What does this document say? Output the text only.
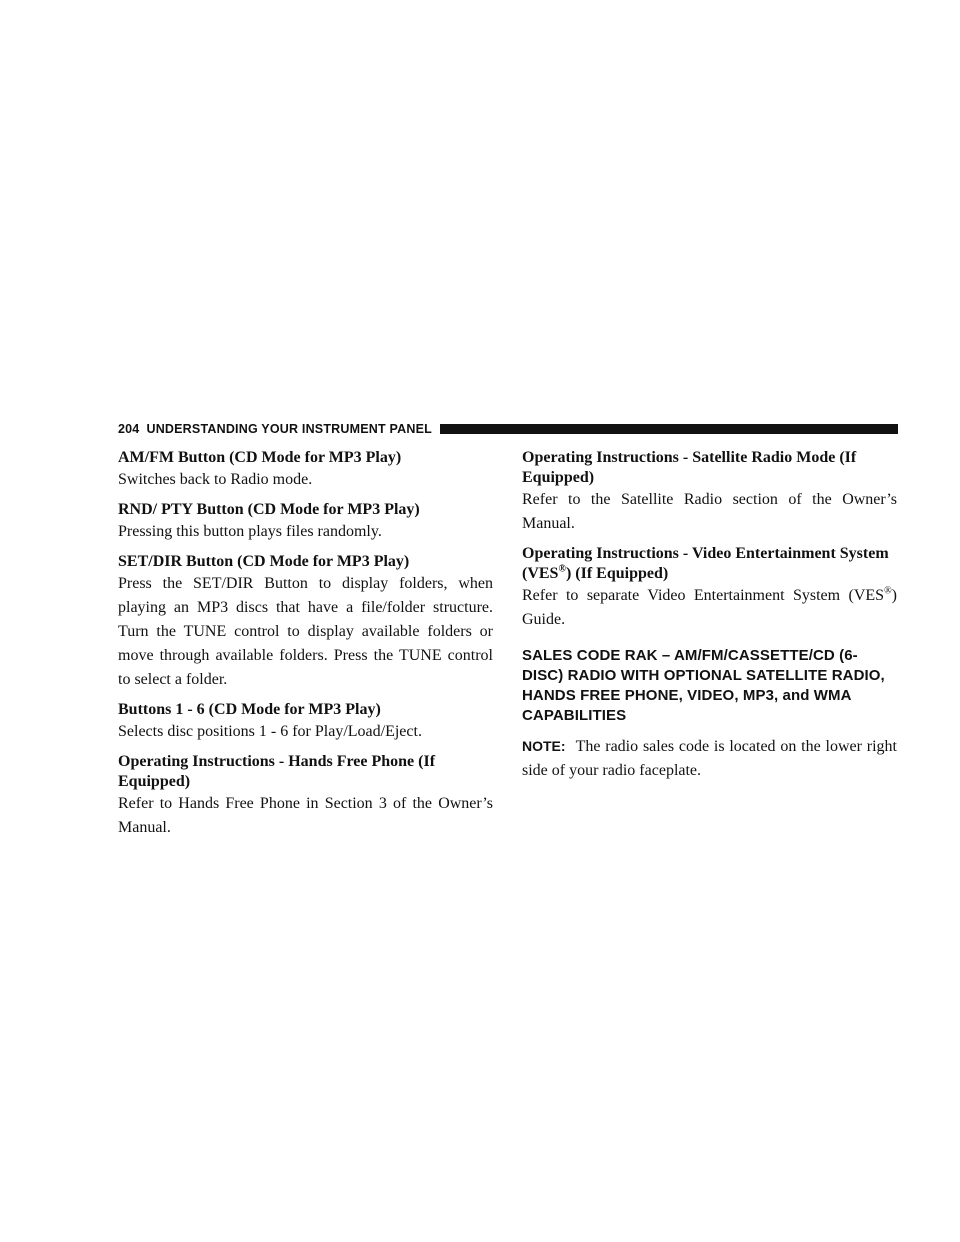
204 UNDERSTANDING YOUR INSTRUMENT PANEL
AM/FM Button (CD Mode for MP3 Play)

Switches back to Radio mode.

RND/ PTY Button (CD Mode for MP3 Play)

Pressing this button plays files randomly.

SET/DIR Button (CD Mode for MP3 Play)

Press the SET/DIR Button to display folders, when playing an MP3 discs that have a file/folder structure. Turn the TUNE control to display available folders or move through available folders. Press the TUNE control to select a folder.

Buttons 1 - 6 (CD Mode for MP3 Play)

Selects disc positions 1 - 6 for Play/Load/Eject.

Operating Instructions - Hands Free Phone (If Equipped)

Refer to Hands Free Phone in Section 3 of the Owner’s Manual.

Operating Instructions - Satellite Radio Mode (If Equipped)

Refer to the Satellite Radio section of the Owner’s Manual.

Operating Instructions - Video Entertainment System (VES®) (If Equipped)

Refer to separate Video Entertainment System (VES®) Guide.

SALES CODE RAK – AM/FM/CASSETTE/CD (6-DISC) RADIO WITH OPTIONAL SATELLITE RADIO, HANDS FREE PHONE, VIDEO, MP3, and WMA CAPABILITIES

NOTE: The radio sales code is located on the lower right side of your radio faceplate.
